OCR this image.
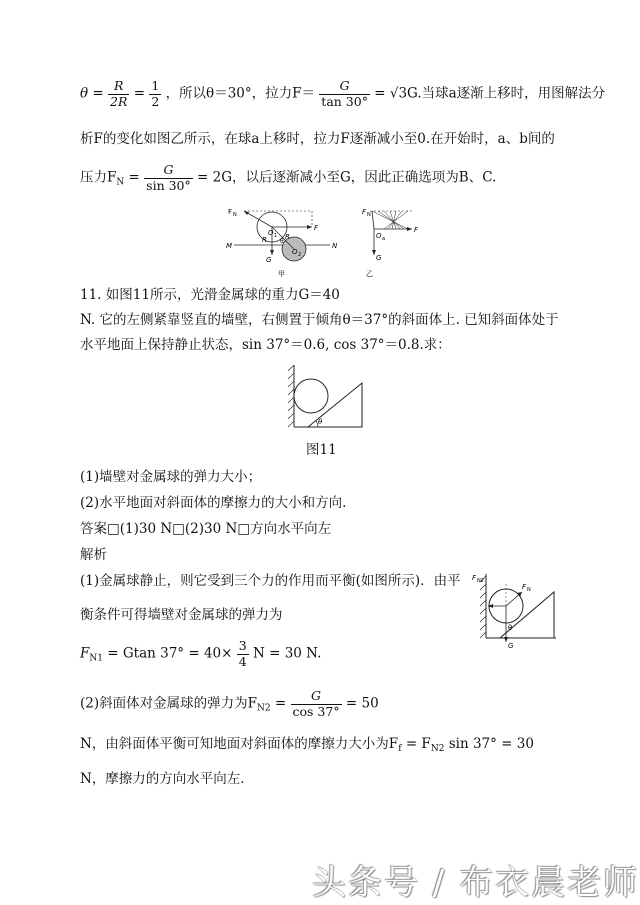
$\theta = \frac{R}{2R} = \frac{1}{2}$ ，所以θ＝30°，拉力$F= \frac{G}{\tan 30^\circ} = √3G$.当球a逐渐上移时，用图解法分
析F的变化如图乙所示，在球a上移时，拉力F逐渐减小至0.在开始时，a、b间的
压力$F_N = \frac{G}{\sin 30^\circ} = 2G$，以后逐渐减小至G，因此正确选项为B、C.
F N
O 1
R θ
R
F
M	N
G
O 2
甲
F N
O a
F
G
乙
11. 如图11所示，光滑金属球的重力G＝40
N. 它的左侧紧靠竖直的墙壁，右侧置于倾角θ＝37°的斜面体上. 已知斜面体处于
水平地面上保持静止状态，sin 37°＝0.6, cos 37°＝0.8.求：
θ
图11
(1)墙壁对金属球的弹力大小；
(2)水平地面对斜面体的摩擦力的大小和方向.
答案□(1)30 N□(2)30 N□方向水平向左
解析
(1)金属球静止，则它受到三个力的作用而平衡(如图所示)．由平
衡条件可得墙壁对金属球的弹力为
F N2
F N
θ
G
$F_{N1} = Gtan$ $37^\circ = 40\times \frac{3}{4}$ N = 30 N.
(2)斜面体对金属球的弹力为$F_{N2} = \frac{G}{\cos 37^\circ} = 50$
N，由斜面体平衡可知地面对斜面体的摩擦力大小为$F_f = F_{N2}$ sin 37° = 30
N，摩擦力的方向水平向左．
头条号 / 布衣晨老师
